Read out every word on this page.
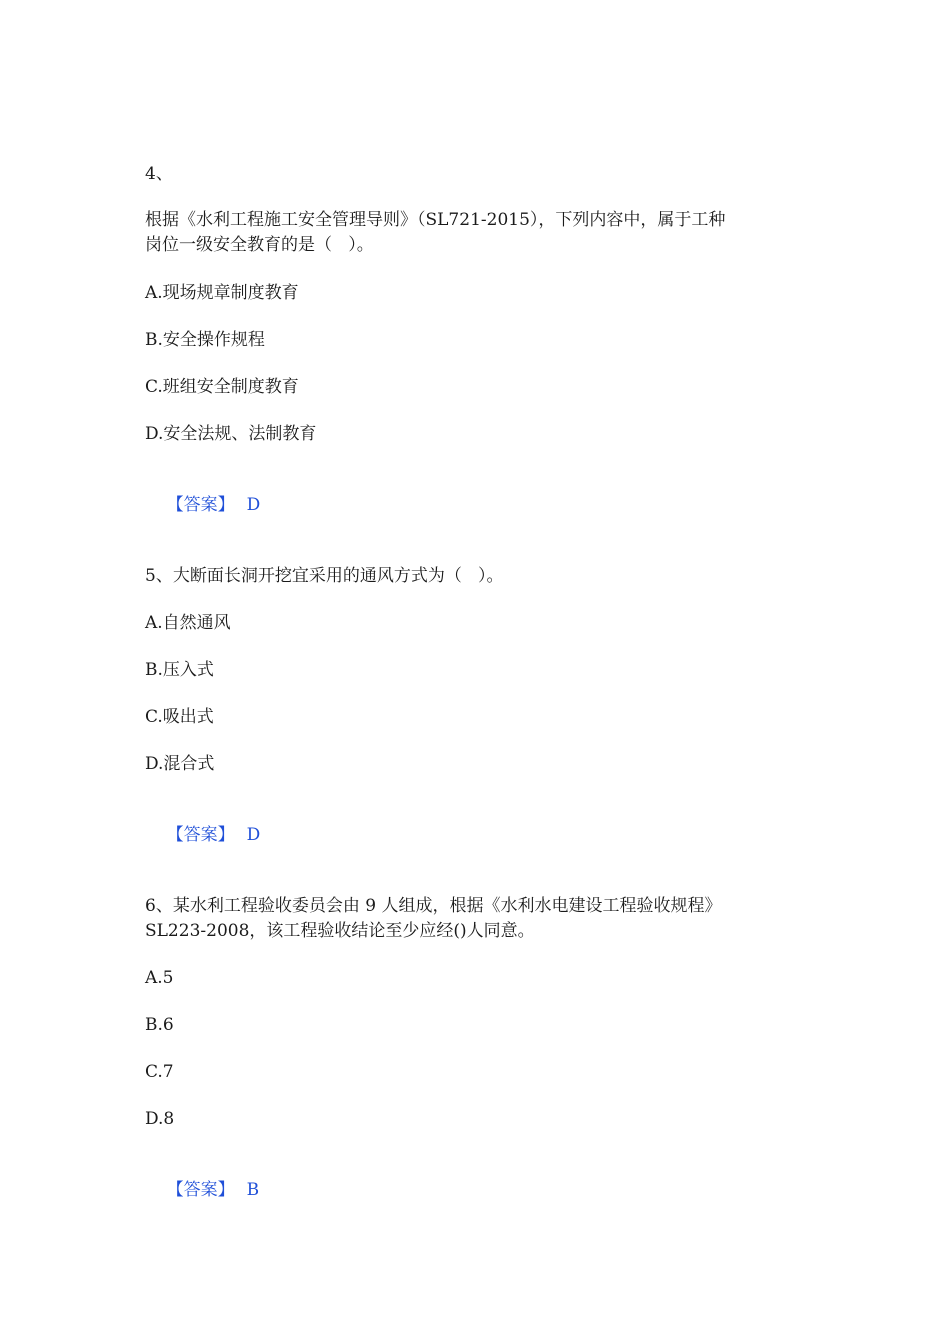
4、
根据《水利工程施工安全管理导则》（SL721-2015），下列内容中，属于工种
岗位一级安全教育的是（   ）。
A.现场规章制度教育
B.安全操作规程
C.班组安全制度教育
D.安全法规、法制教育

【答案】 D

5、大断面长洞开挖宜采用的通风方式为（   ）。
A.自然通风
B.压入式
C.吸出式
D.混合式

【答案】 D

6、某水利工程验收委员会由 9 人组成，根据《水利水电建设工程验收规程》
SL223-2008，该工程验收结论至少应经()人同意。
A.5
B.6
C.7
D.8

【答案】 B
